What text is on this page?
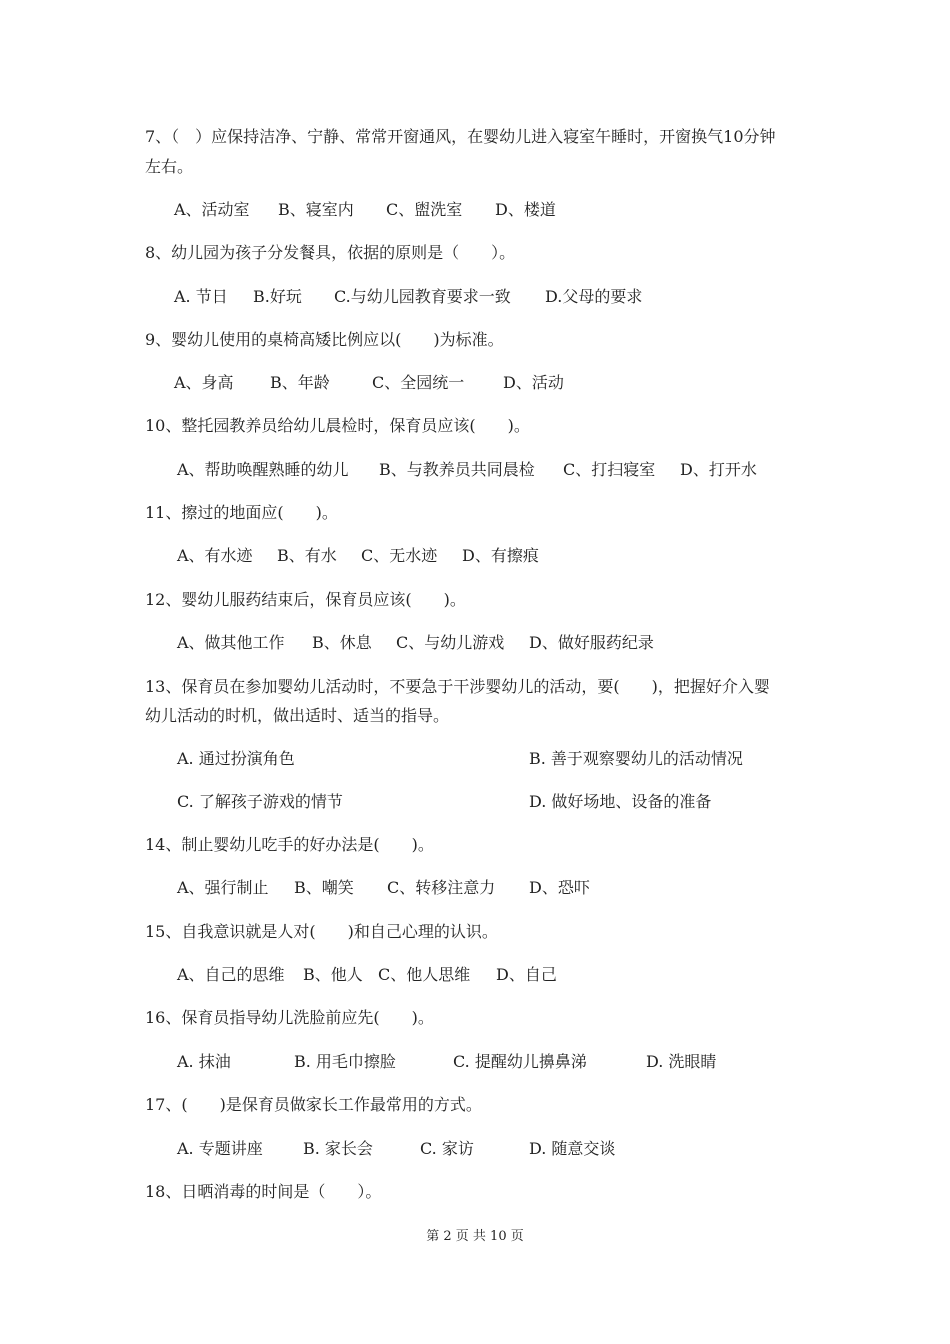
7、（　）应保持洁净、宁静、常常开窗通风，在婴幼儿进入寝室午睡时，开窗换气10分钟
左右。
A、活动室 B、寝室内 C、盥洗室 D、楼道
8、幼儿园为孩子分发餐具，依据的原则是（　　）。
A. 节日 B.好玩 C.与幼儿园教育要求一致 D.父母的要求
9、婴幼儿使用的桌椅高矮比例应以(　　)为标准。
A、身高 B、年龄	C、全园统一 D、活动
10、整托园教养员给幼儿晨检时，保育员应该(　　)。
A、帮助唤醒熟睡的幼儿 B、与教养员共同晨检 C、打扫寝室 D、打开水
11、擦过的地面应(　　)。
A、有水迹 B、有水 C、无水迹 D、有擦痕
12、婴幼儿服药结束后，保育员应该(　　)。
A、做其他工作 B、休息 C、与幼儿游戏 D、做好服药纪录
13、保育员在参加婴幼儿活动时，不要急于干涉婴幼儿的活动，要(　　)，把握好介入婴
幼儿活动的时机，做出适时、适当的指导。
A. 通过扮演角色	B. 善于观察婴幼儿的活动情况
C. 了解孩子游戏的情节	D. 做好场地、设备的准备
14、制止婴幼儿吃手的好办法是(　　)。
A、强行制止 B、嘲笑 C、转移注意力 D、恐吓
15、自我意识就是人对(　　)和自己心理的认识。
A、自己的思维 B、他人 C、他人思维 D、自己
16、保育员指导幼儿洗脸前应先(　　)。
A. 抹油	B. 用毛巾擦脸	C. 提醒幼儿擤鼻涕	D. 洗眼睛
17、(　　)是保育员做家长工作最常用的方式。
A. 专题讲座	B. 家长会	C. 家访	D. 随意交谈
18、日晒消毒的时间是（　　）。
第 2 页 共 10 页
